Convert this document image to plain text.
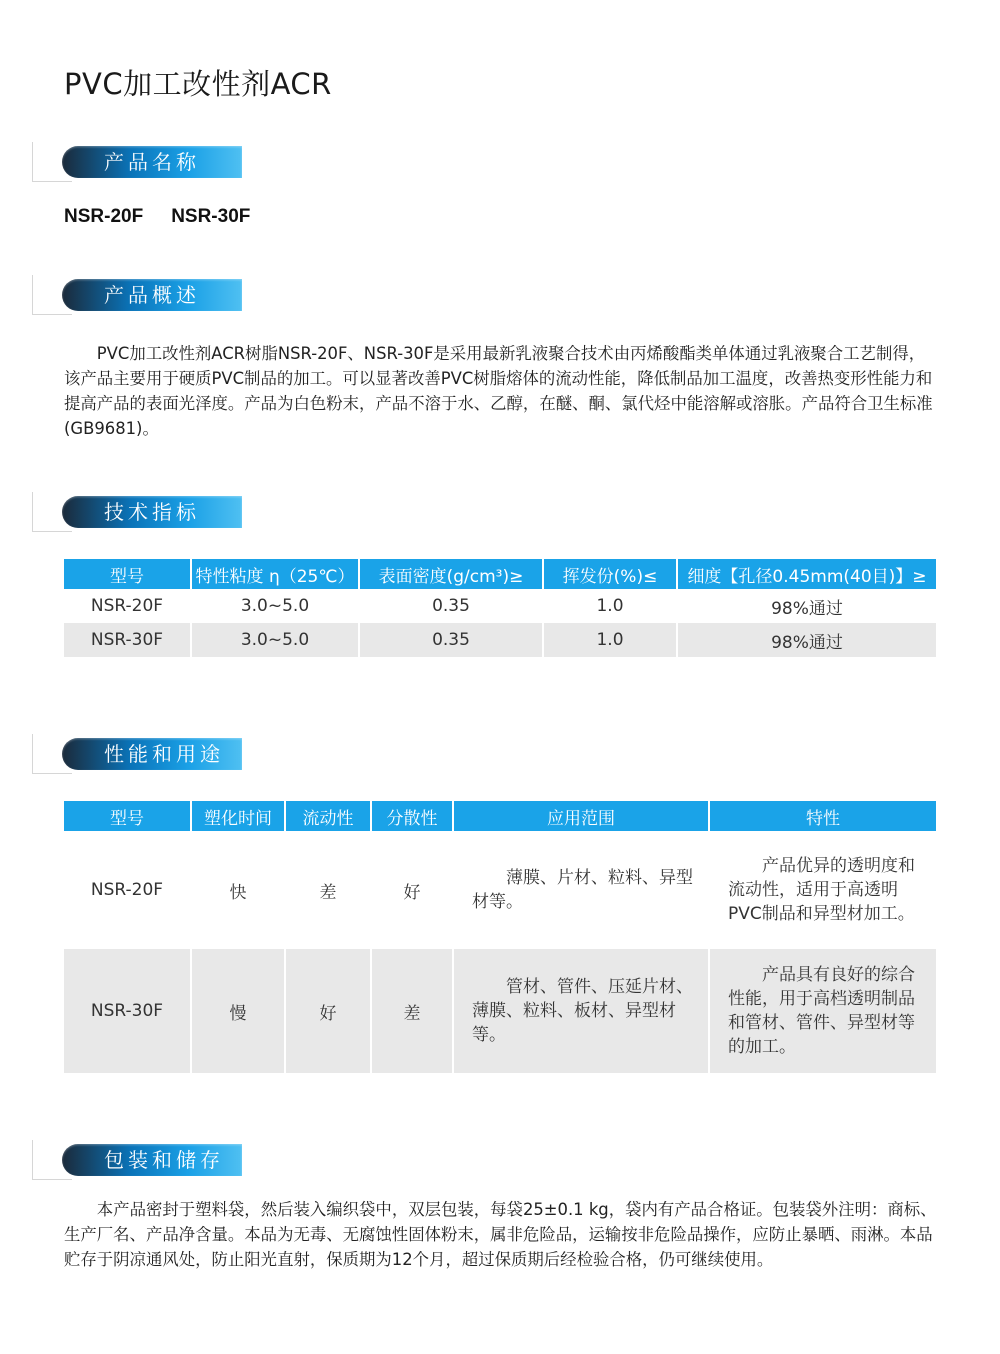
PVC加工改性剂ACR
产品名称

NSR-20F NSR-30F

产品概述

PVC加工改性剂ACR树脂NSR-20F、NSR-30F是采用最新乳液聚合技术由丙烯酸酯类单体通过乳液聚合工艺制得，该产品主要用于硬质PVC制品的加工。可以显著改善PVC树脂熔体的流动性能，降低制品加工温度，改善热变形性能力和提高产品的表面光泽度。产品为白色粉末，产品不溶于水、乙醇，在醚、酮、氯代烃中能溶解或溶胀。产品符合卫生标准(GB9681)。

技术指标
型号	特性粘度 η（25℃）	表面密度(g/cm³)≥	挥发份(%)≤	细度【孔径0.45mm(40目)】≥
NSR-20F	3.0~5.0	0.35	1.0	98%通过
NSR-30F	3.0~5.0	0.35	1.0	98%通过
性能和用途
型号	塑化时间	流动性	分散性	应用范围	特性
NSR-20F	快	差	好	薄膜、片材、粒料、异型材等。	产品优异的透明度和流动性，适用于高透明PVC制品和异型材加工。

NSR-30F	慢	好	差	管材、管件、压延片材、薄膜、粒料、板材、异型材等。	产品具有良好的综合性能，用于高档透明制品和管材、管件、异型材等的加工。
包装和储存

本产品密封于塑料袋，然后装入编织袋中，双层包装，每袋25±0.1 kg，袋内有产品合格证。包装袋外注明：商标、生产厂名、产品净含量。本品为无毒、无腐蚀性固体粉末，属非危险品，运输按非危险品操作，应防止暴晒、雨淋。本品贮存于阴凉通风处，防止阳光直射，保质期为12个月，超过保质期后经检验合格，仍可继续使用。
